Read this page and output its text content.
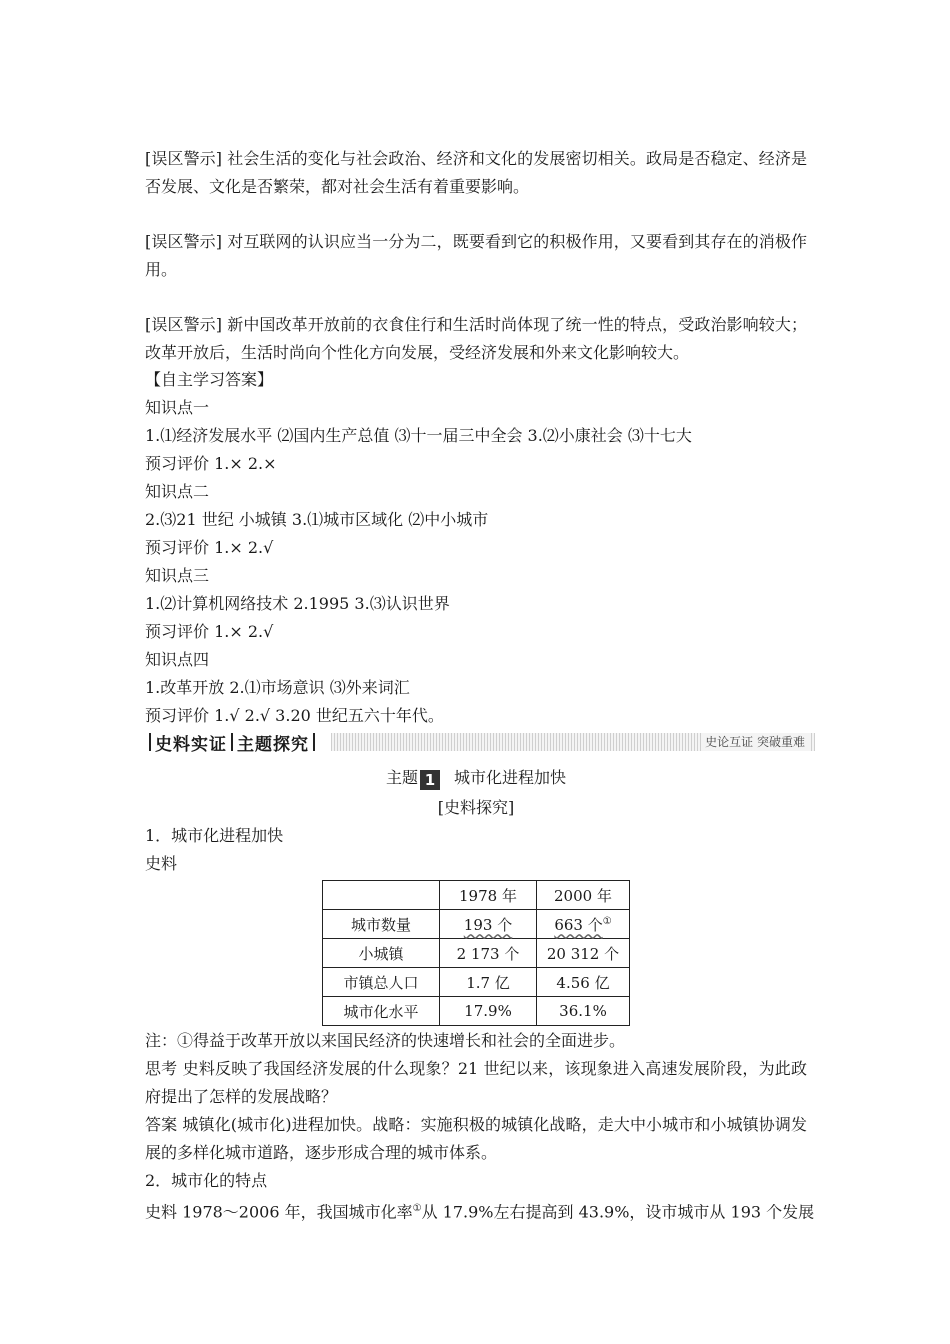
[误区警示] 社会生活的变化与社会政治、经济和文化的发展密切相关。政局是否稳定、经济是否发展、文化是否繁荣，都对社会生活有着重要影响。
[误区警示] 对互联网的认识应当一分为二，既要看到它的积极作用，又要看到其存在的消极作用。
[误区警示] 新中国改革开放前的衣食住行和生活时尚体现了统一性的特点，受政治影响较大；改革开放后，生活时尚向个性化方向发展，受经济发展和外来文化影响较大。
【自主学习答案】
知识点一
1.⑴经济发展水平 ⑵国内生产总值 ⑶十一届三中全会 3.⑵小康社会 ⑶十七大
预习评价 1.× 2.×
知识点二
2.⑶21 世纪 小城镇 3.⑴城市区域化 ⑵中小城市
预习评价 1.× 2.√
知识点三
1.⑵计算机网络技术 2.1995 3.⑶认识世界
预习评价 1.× 2.√
知识点四
1.改革开放 2.⑴市场意识 ⑶外来词汇
预习评价 1.√ 2.√ 3.20 世纪五六十年代。
史料实证 主题探究	史论互证 突破重难
主题 1 城市化进程加快
[史料探究]
1．城市化进程加快
史料
	1978 年	2000 年
城市数量	193 个	663 个①
小城镇	2 173 个	20 312 个
市镇总人口	1.7 亿	4.56 亿
城市化水平	17.9%	36.1%
注：①得益于改革开放以来国民经济的快速增长和社会的全面进步。
思考 史料反映了我国经济发展的什么现象？21 世纪以来，该现象进入高速发展阶段，为此政府提出了怎样的发展战略？
答案 城镇化(城市化)进程加快。战略：实施积极的城镇化战略，走大中小城市和小城镇协调发展的多样化城市道路，逐步形成合理的城市体系。
2．城市化的特点
史料 1978～2006 年，我国城市化率①从 17.9%左右提高到 43.9%，设市城市从 193 个发展
